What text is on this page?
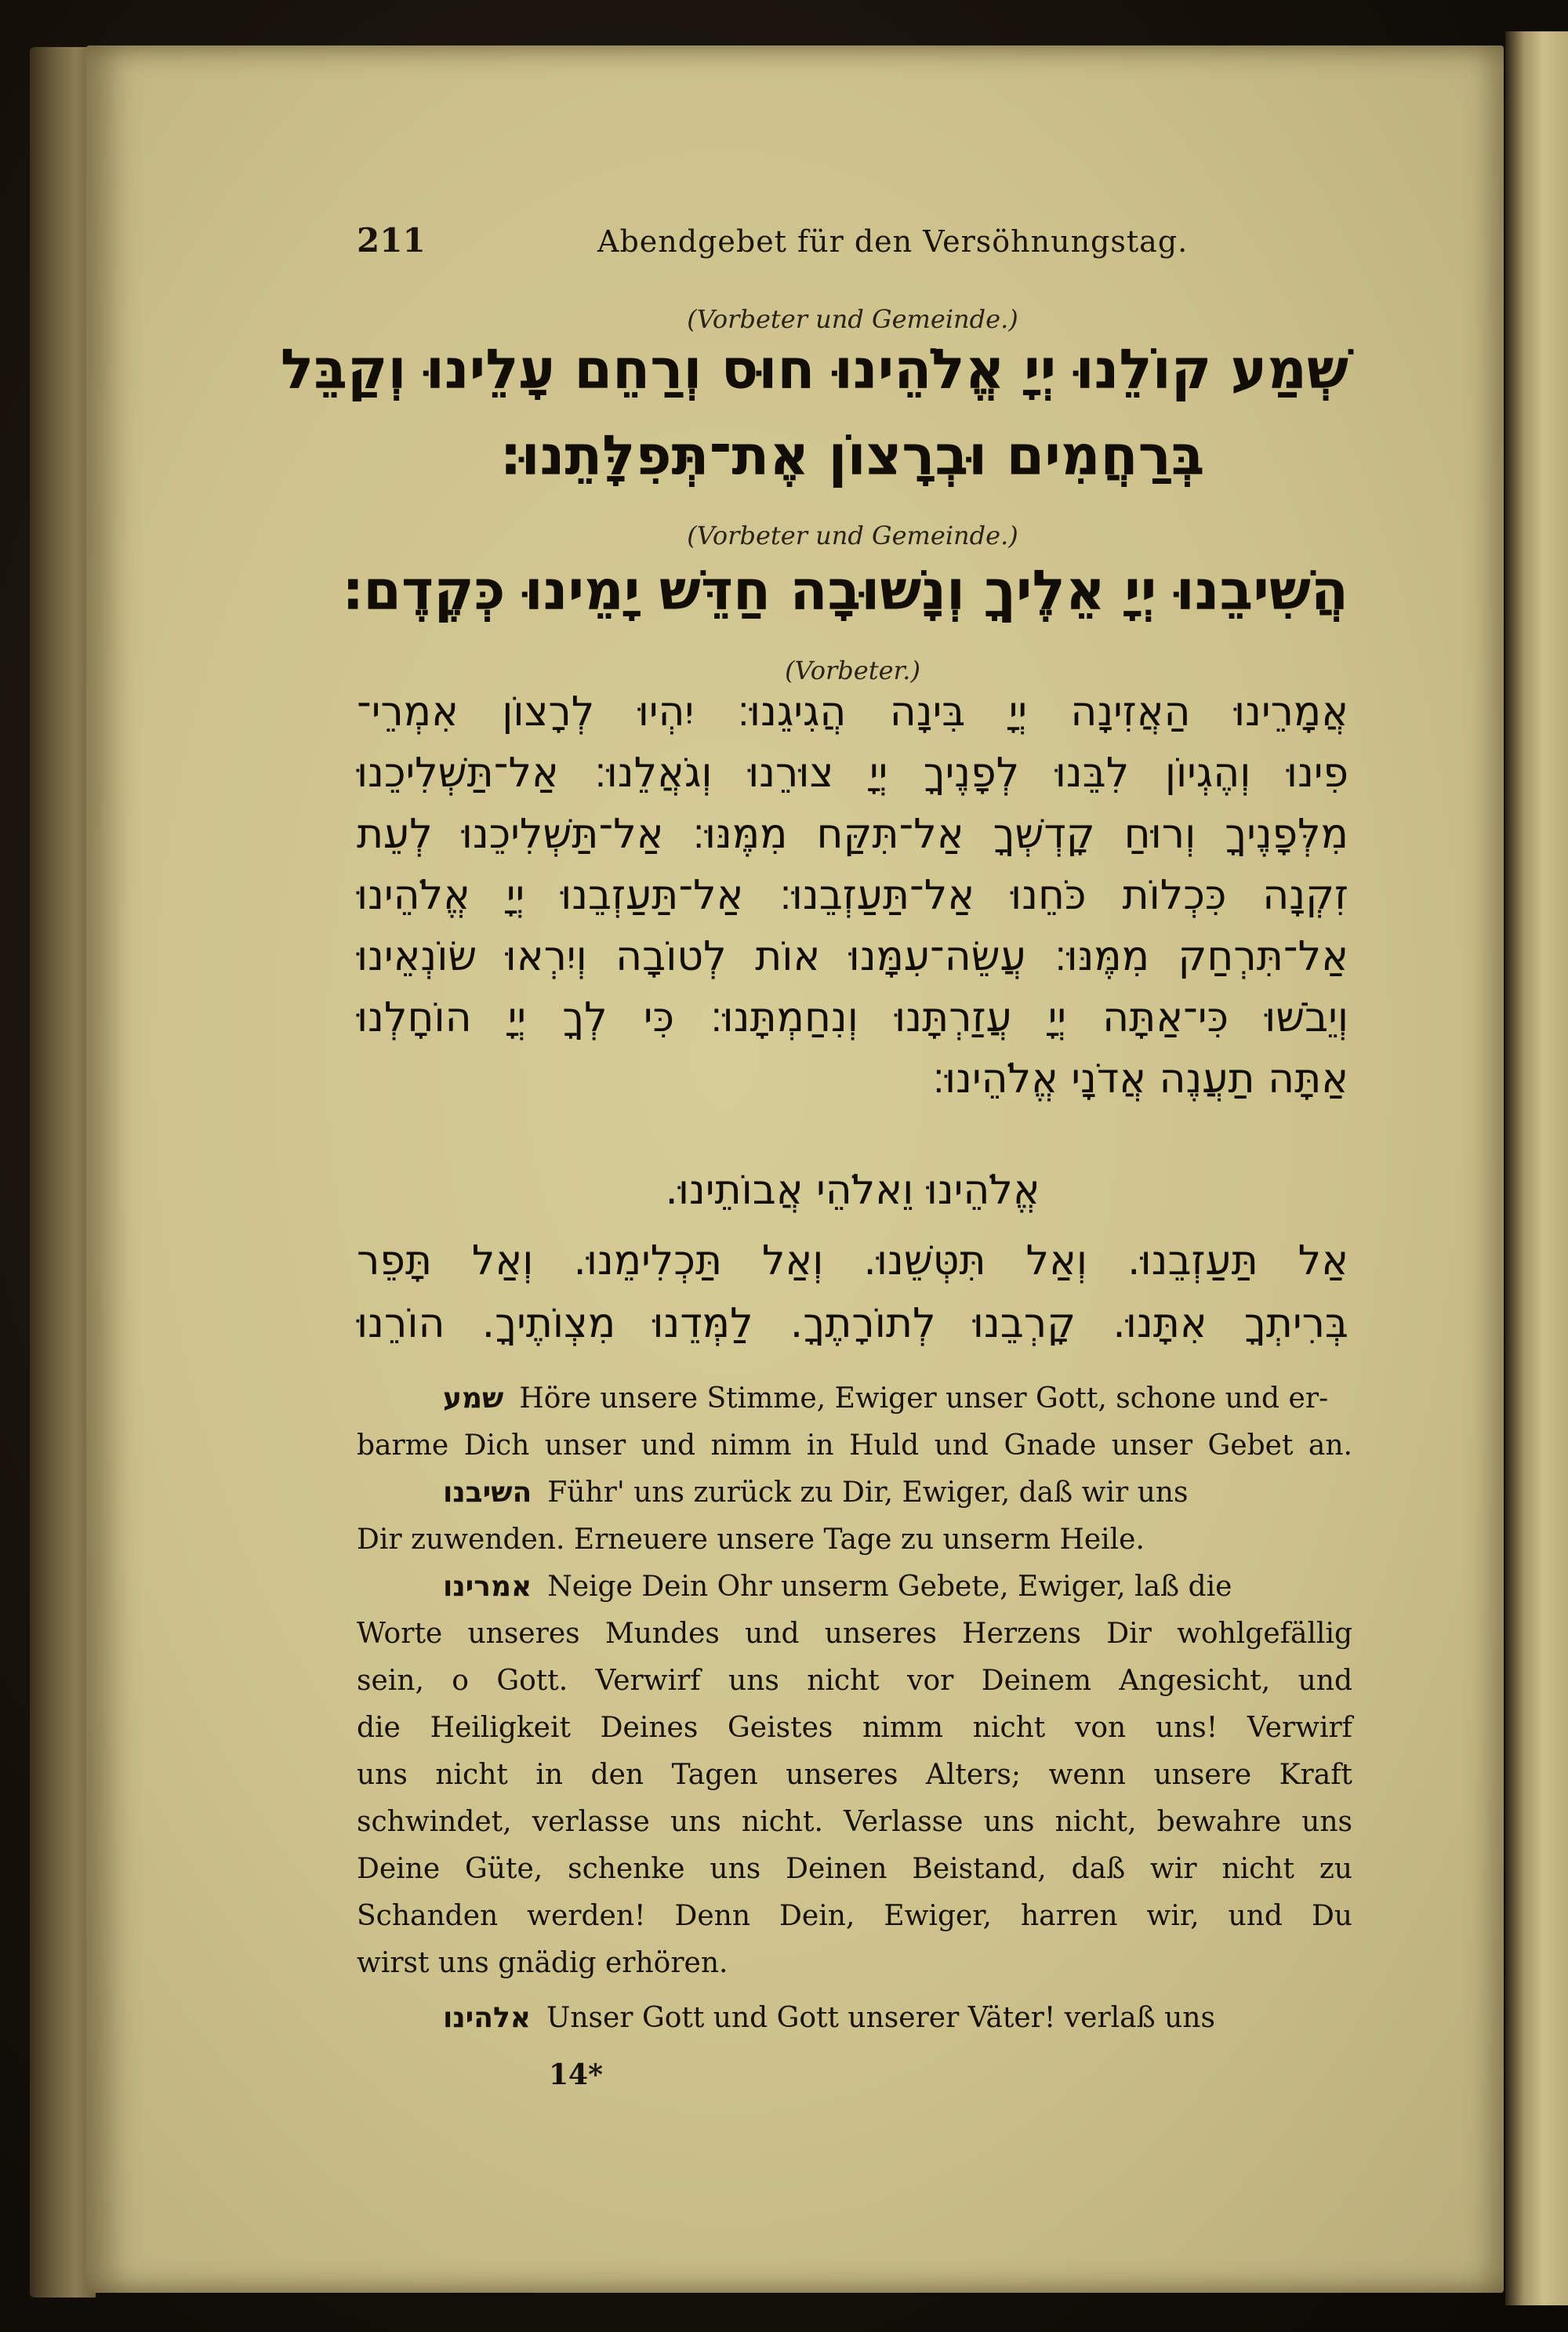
211	Abendgebet für den Versöhnungstag.
(Vorbeter und Gemeinde.)
שְׁמַע קוֹלֵנוּ יְיָ אֱלֹהֵינוּ חוּס וְרַחֵם עָלֵינוּ וְקַבֵּל
בְּרַחֲמִים וּבְרָצוֹן אֶת־תְּפִלָּתֵנוּ׃
(Vorbeter und Gemeinde.)
הֲשִׁיבֵנוּ יְיָ אֵלֶיךָ וְנָשׁוּבָה חַדֵּשׁ יָמֵינוּ כְּקֶדֶם׃
(Vorbeter.)
אֲמָרֵינוּ הַאֲזִינָה יְיָ בִּינָה הֲגִיגֵנוּ׃ יִהְיוּ לְרָצוֹן אִמְרֵי־
פִינוּ וְהֶגְיוֹן לִבֵּנוּ לְפָנֶיךָ יְיָ צוּרֵנוּ וְגֹאֲלֵנוּ׃ אַל־תַּשְׁלִיכֵנוּ
מִלְּפָנֶיךָ וְרוּחַ קָדְשְׁךָ אַל־תִּקַּח מִמֶּנּוּ׃ אַל־תַּשְׁלִיכֵנוּ לְעֵת
זִקְנָה כִּכְלוֹת כֹּחֵנוּ אַל־תַּעַזְבֵנוּ׃ אַל־תַּעַזְבֵנוּ יְיָ אֱלֹהֵינוּ
אַל־תִּרְחַק מִמֶּנּוּ׃ עֲשֵׂה־עִמָּנוּ אוֹת לְטוֹבָה וְיִרְאוּ שׂוֹנְאֵינוּ
וְיֵבֹשׁוּ כִּי־אַתָּה יְיָ עֲזַרְתָּנוּ וְנִחַמְתָּנוּ׃ כִּי לְךָ יְיָ הוֹחָלְנוּ
אַתָּה תַעֲנֶה אֲדֹנָי אֱלֹהֵינוּ׃
אֱלֹהֵינוּ וֵאלֹהֵי אֲבוֹתֵינוּ.
אַל תַּעַזְבֵנוּ. וְאַל תִּטְּשֵׁנוּ. וְאַל תַּכְלִימֵנוּ. וְאַל תָּפֵר
בְּרִיתְךָ אִתָּנוּ. קָרְבֵנוּ לְתוֹרָתֶךָ. לַמְּדֵנוּ מִצְוֹתֶיךָ. הוֹרֵנוּ
שמע Höre unsere Stimme, Ewiger unser Gott, schone und er-
barme Dich unser und nimm in Huld und Gnade unser Gebet an.
השיבנו Führ' uns zurück zu Dir, Ewiger, daß wir uns
Dir zuwenden. Erneuere unsere Tage zu unserm Heile.
אמרינו Neige Dein Ohr unserm Gebete, Ewiger, laß die
Worte unseres Mundes und unseres Herzens Dir wohlgefällig
sein, o Gott. Verwirf uns nicht vor Deinem Angesicht, und
die Heiligkeit Deines Geistes nimm nicht von uns! Verwirf
uns nicht in den Tagen unseres Alters; wenn unsere Kraft
schwindet, verlasse uns nicht. Verlasse uns nicht, bewahre uns
Deine Güte, schenke uns Deinen Beistand, daß wir nicht zu
Schanden werden! Denn Dein, Ewiger, harren wir, und Du
wirst uns gnädig erhören.
אלהינו Unser Gott und Gott unserer Väter! verlaß uns
14*
